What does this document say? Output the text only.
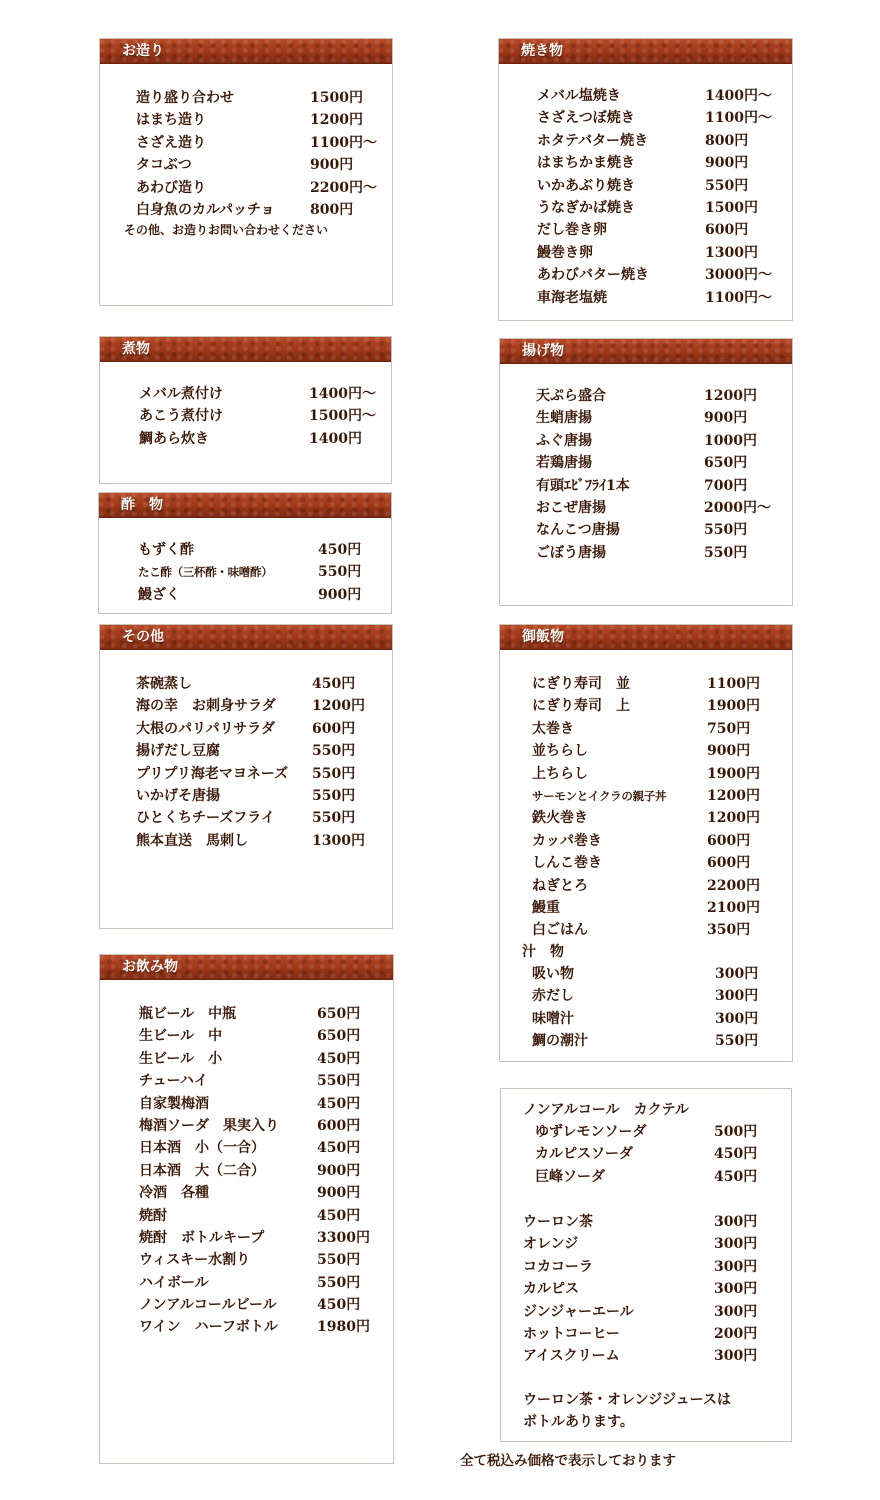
お造り
造り盛り合わせ	1500円
はまち造り	1200円
さざえ造り	1100円～
タコぶつ	900円
あわび造り	2200円～
白身魚のカルパッチョ	800円
その他、お造りお問い合わせください
焼き物
メバル塩焼き	1400円～
さざえつぼ焼き	1100円～
ホタテバター焼き	800円
はまちかま焼き	900円
いかあぶり焼き	550円
うなぎかば焼き	1500円
だし巻き卵	600円
鰻巻き卵	1300円
あわびバター焼き	3000円～
車海老塩焼	1100円～
煮物
メバル煮付け	1400円～
あこう煮付け	1500円～
鯛あら炊き	1400円
揚げ物
天ぷら盛合	1200円
生蛸唐揚	900円
ふぐ唐揚	1000円
若鶏唐揚	650円
有頭ｴﾋﾞﾌﾗｲ1本	700円
おこぜ唐揚	2000円～
なんこつ唐揚	550円
ごぼう唐揚	550円
酢　物
もずく酢	450円
たこ酢（三杯酢・味噌酢）	550円
鰻ざく	900円
その他
茶碗蒸し	450円
海の幸　お刺身サラダ	1200円
大根のパリパリサラダ	600円
揚げだし豆腐	550円
プリプリ海老マヨネーズ 550円
いかげそ唐揚	550円
ひとくちチーズフライ	550円
熊本直送　馬刺し	1300円
御飯物
にぎり寿司　並	1100円
にぎり寿司　上	1900円
太巻き	750円
並ちらし	900円
上ちらし	1900円
サーモンとイクラの親子丼	1200円
鉄火巻き	1200円
カッパ巻き	600円
しんこ巻き	600円
ねぎとろ	2200円
鰻重	2100円
白ごはん	350円
汁　物
吸い物	300円
赤だし	300円
味噌汁	300円
鯛の潮汁	550円
お飲み物
瓶ビール　中瓶	650円
生ビール　中	650円
生ビール　小	450円
チューハイ	550円
自家製梅酒	450円
梅酒ソーダ　果実入り	600円
日本酒　小（一合）	450円
日本酒　大（二合）	900円
冷酒　各種	900円
焼酎	450円
焼酎　ボトルキープ	3300円
ウィスキー水割り	550円
ハイボール	550円
ノンアルコールビール	450円
ワイン　ハーフボトル	1980円
ノンアルコール　カクテル
ゆずレモンソーダ	500円
カルピスソーダ	450円
巨峰ソーダ	450円
ウーロン茶	300円
オレンジ	300円
コカコーラ	300円
カルピス	300円
ジンジャーエール	300円
ホットコーヒー	200円
アイスクリーム	300円
ウーロン茶・オレンジジュースは
ボトルあります。
全て税込み価格で表示しております
